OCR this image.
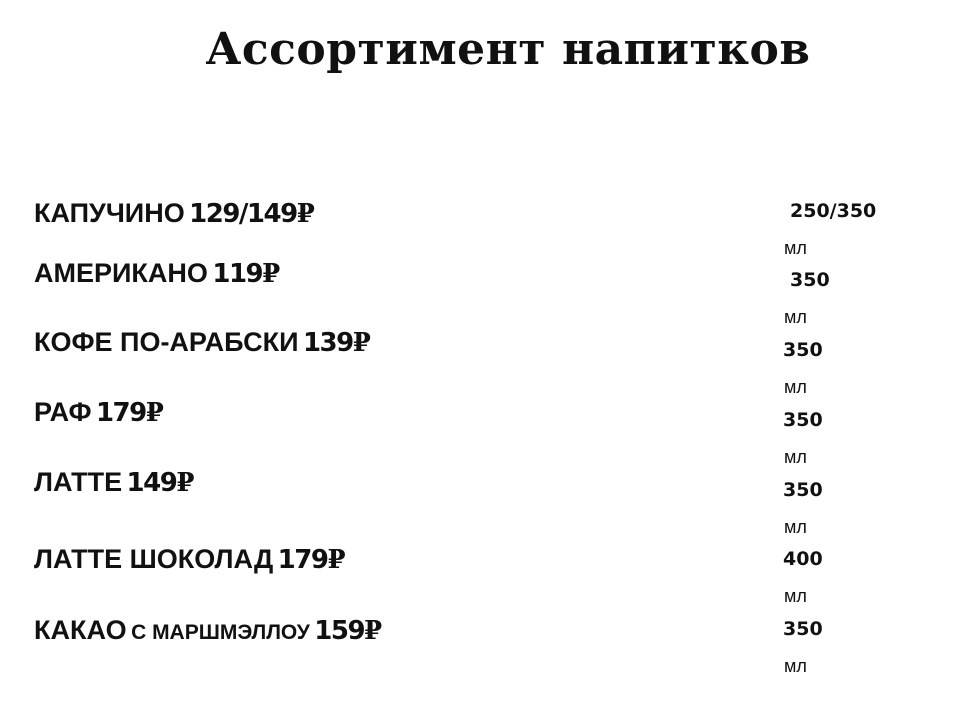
Ассортимент напитков
КАПУЧИНО 129/149₽	250/350
мл
АМЕРИКАНО 119₽	350
мл
КОФЕ ПО-АРАБСКИ 139₽	350
мл
РАФ 179₽	350
мл
ЛАТТЕ 149₽	350
мл
ЛАТТЕ ШОКОЛАД 179₽	400
мл
КАКАО С МАРШМЭЛЛОУ 159₽	350
мл
